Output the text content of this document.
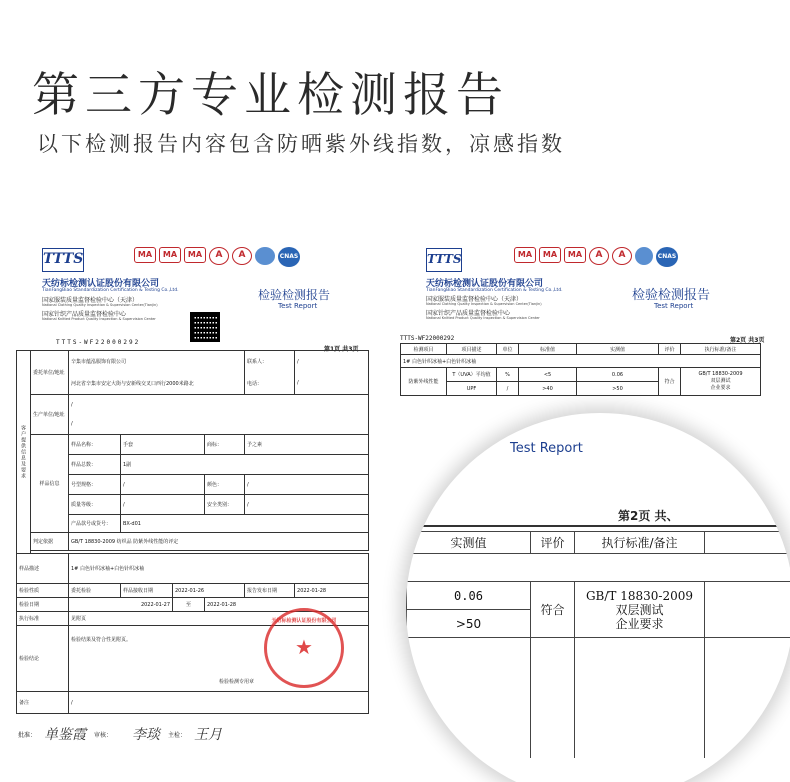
第三方专业检测报告
以下检测报告内容包含防晒紫外线指数，凉感指数
TTTS	MA	MA	MA	A	A	CNAS
天纺标检测认证股份有限公司
TianFangBiao Standardization Certification & Testing Co.,Ltd.
国家服装质量监督检验中心（天津）
National Clothing Quality Inspection & Supervision Center(Tianjin)
国家针织产品质量监督检验中心
National Knitted Product Quality Inspection & Supervision Center
检验检测报告
Test Report
TTTS-WF22000292
第1页 共3页
客户提供信息及要求	委托单位/地址	辛集市蕴泓服饰有限公司				联系人：	/
		河北省辛集市安定大街与安新线交叉口西行2000米路北				电话：	/
	生产单位/地址	/					
		/					
	样品信息	样品名称：	手套		商标：	予之素	
		样品总数：	1副				
		号型规格：	/		颜色：	/	
		质量等级：	/		安全类别：	/	
		产品款号或货号：	BX-d01				
	判定依据	GB/T 18830-2009 纺织品 防紫外线性能的评定					

样品描述		1# 白色针织冰袖+白色针织冰袖					
检验性质		委托检验	样品接收日期	2022-01-26		报告发布日期	2022-01-28
检验日期		2022-01-27		至	2022-01-28		
执行标准		见附页					
检验结论		检验结果及符合性见附页。
检验检测专用章					

备注		/					
天纺标检测认证股份有限公司
★
批准： 单鉴霞 审核： 李琰 主检： 王月
TTTS	MA	MA	MA	A	A	CNAS
天纺标检测认证股份有限公司
TianFangBiao Standardization Certification & Testing Co.,Ltd.
国家服装质量监督检验中心（天津）
National Clothing Quality Inspection & Supervision Center(Tianjin)
国家针织产品质量监督检验中心
National Knitted Product Quality Inspection & Supervision Center
检验检测报告
Test Report
TTTS-WF22000292	第2页 共3页
检测项目	项目描述	单位	标准值	实测值	评价	执行标准/备注
1# 白色针织冰袖+白色针织冰袖						
防紫外线性能	T（UVA）平均值	%	<5	0.06	符合	GB/T 18830-2009
双层测试
企业要求

	UPF	/	>40	>50		
Test Report
第2页 共、
实测值	评价	执行标准/备注	

0.06	符合	GB/T 18830-2009
双层测试
企业要求	

>50			
